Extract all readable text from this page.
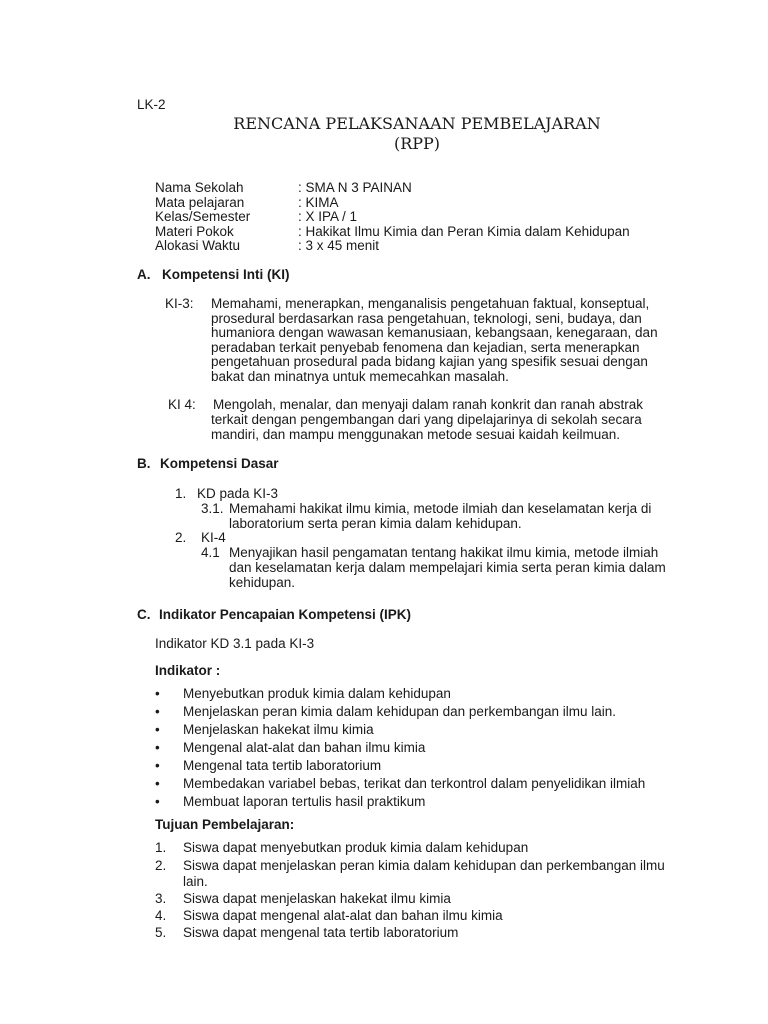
LK-2
RENCANA PELAKSANAAN PEMBELAJARAN
(RPP)
Nama Sekolah	: SMA N 3 PAINAN
Mata pelajaran	: KIMA
Kelas/Semester	: X IPA / 1
Materi Pokok	: Hakikat Ilmu Kimia dan Peran Kimia dalam Kehidupan
Alokasi Waktu	: 3 x 45 menit
A. Kompetensi Inti (KI)
KI-3: Memahami, menerapkan, menganalisis pengetahuan faktual, konseptual,
prosedural berdasarkan rasa pengetahuan, teknologi, seni, budaya, dan
humaniora dengan wawasan kemanusiaan, kebangsaan, kenegaraan, dan
peradaban terkait penyebab fenomena dan kejadian, serta menerapkan
pengetahuan prosedural pada bidang kajian yang spesifik sesuai dengan
bakat dan minatnya untuk memecahkan masalah.
KI 4: Mengolah, menalar, dan menyaji dalam ranah konkrit dan ranah abstrak
terkait dengan pengembangan dari yang dipelajarinya di sekolah secara
mandiri, dan mampu menggunakan metode sesuai kaidah keilmuan.
B. Kompetensi Dasar
1. KD pada KI-3
3.1. Memahami hakikat ilmu kimia, metode ilmiah dan keselamatan kerja di
laboratorium serta peran kimia dalam kehidupan.
2. KI-4
4.1 Menyajikan hasil pengamatan tentang hakikat ilmu kimia, metode ilmiah
dan keselamatan kerja dalam mempelajari kimia serta peran kimia dalam
kehidupan.
C. Indikator Pencapaian Kompetensi (IPK)
Indikator KD 3.1 pada KI-3
Indikator :
• Menyebutkan produk kimia dalam kehidupan
• Menjelaskan peran kimia dalam kehidupan dan perkembangan ilmu lain.
• Menjelaskan hakekat ilmu kimia
• Mengenal alat-alat dan bahan ilmu kimia
• Mengenal tata tertib laboratorium
• Membedakan variabel bebas, terikat dan terkontrol dalam penyelidikan ilmiah
• Membuat laporan tertulis hasil praktikum
Tujuan Pembelajaran:
1. Siswa dapat menyebutkan produk kimia dalam kehidupan
2. Siswa dapat menjelaskan peran kimia dalam kehidupan dan perkembangan ilmu
lain.
3. Siswa dapat menjelaskan hakekat ilmu kimia
4. Siswa dapat mengenal alat-alat dan bahan ilmu kimia
5. Siswa dapat mengenal tata tertib laboratorium
